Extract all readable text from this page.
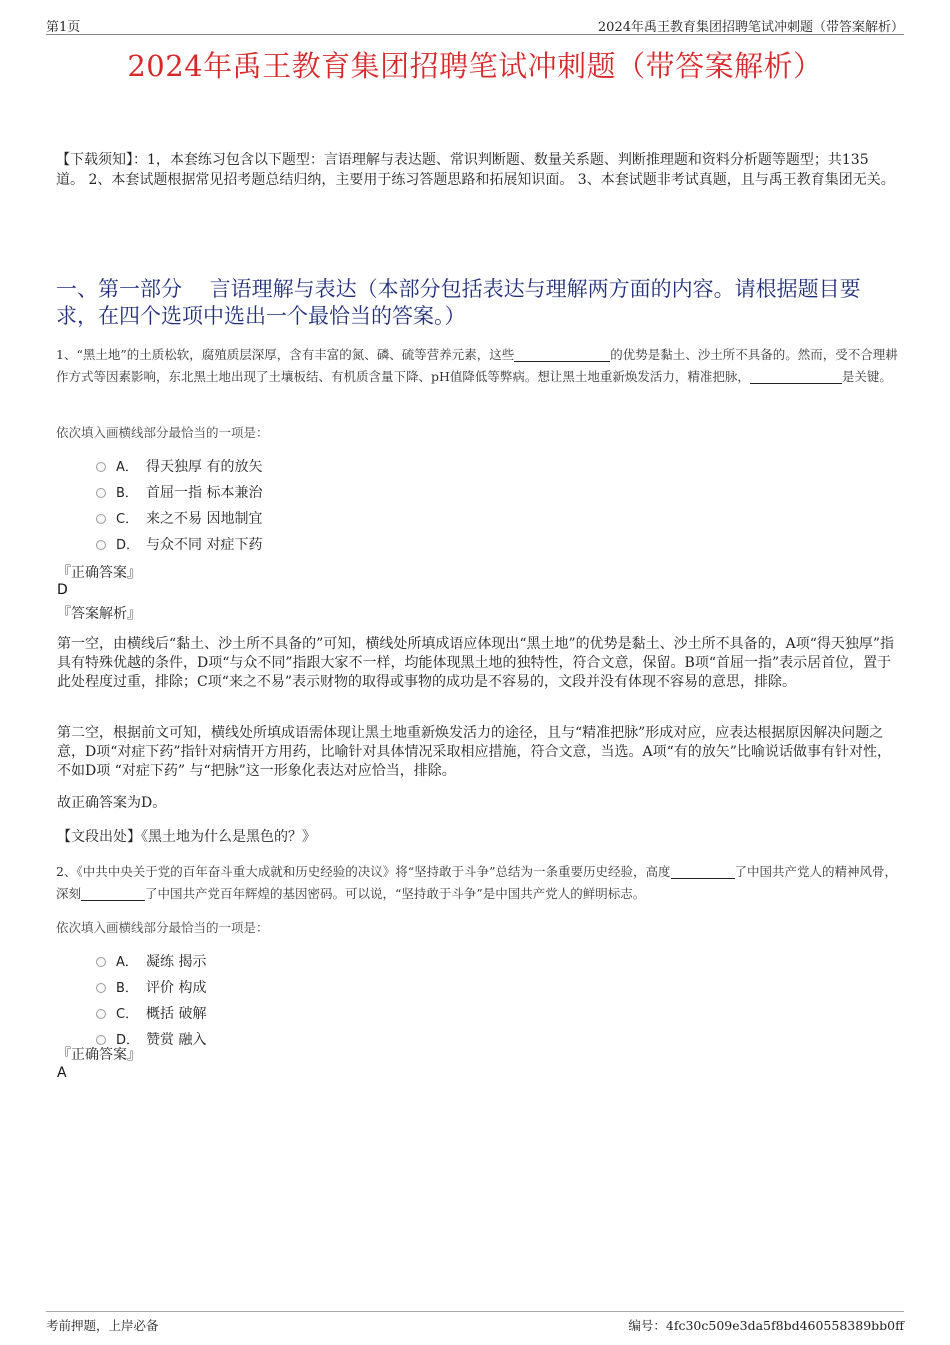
第1页	2024年禹王教育集团招聘笔试冲刺题（带答案解析）
2024年禹王教育集团招聘笔试冲刺题（带答案解析）
【下载须知】：1，本套练习包含以下题型：言语理解与表达题、常识判断题、数量关系题、判断推理题和资料分析题等题型；共135道。 2、本套试题根据常见招考题总结归纳，主要用于练习答题思路和拓展知识面。 3、本套试题非考试真题，且与禹王教育集团无关。
一、第一部分　 言语理解与表达（本部分包括表达与理解两方面的内容。请根据题目要求，在四个选项中选出一个最恰当的答案。）
1、“黑土地”的土质松软，腐殖质层深厚，含有丰富的氮、磷、硫等营养元素，这些	的优势是黏土、沙土所不具备的。然而，受不合理耕作方式等因素影响，东北黑土地出现了土壤板结、有机质含量下降、pH值降低等弊病。想让黑土地重新焕发活力，精准把脉，	是关键。
依次填入画横线部分最恰当的一项是：
A． 得天独厚 有的放矢
B． 首屈一指 标本兼治
C． 来之不易 因地制宜
D． 与众不同 对症下药
『正确答案』
D
『答案解析』
第一空，由横线后“黏土、沙土所不具备的”可知，横线处所填成语应体现出“黑土地”的优势是黏土、沙土所不具备的，A项“得天独厚”指具有特殊优越的条件，D项“与众不同”指跟大家不一样，均能体现黑土地的独特性，符合文意，保留。B项“首屈一指”表示居首位，置于此处程度过重，排除；C项“来之不易”表示财物的取得或事物的成功是不容易的，文段并没有体现不容易的意思，排除。
第二空，根据前文可知，横线处所填成语需体现让黑土地重新焕发活力的途径，且与“精准把脉”形成对应，应表达根据原因解决问题之意，D项“对症下药”指针对病情开方用药，比喻针对具体情况采取相应措施，符合文意，当选。A项“有的放矢”比喻说话做事有针对性，不如D项 “对症下药” 与“把脉”这一形象化表达对应恰当，排除。
故正确答案为D。
【文段出处】《黑土地为什么是黑色的？》
2、《中共中央关于党的百年奋斗重大成就和历史经验的决议》将“坚持敢于斗争”总结为一条重要历史经验，高度	了中国共产党人的精神风骨，深刻	了中国共产党百年辉煌的基因密码。可以说，“坚持敢于斗争”是中国共产党人的鲜明标志。
依次填入画横线部分最恰当的一项是：
A． 凝练 揭示
B． 评价 构成
C． 概括 破解
D． 赞赏 融入
『正确答案』
A
考前押题，上岸必备	编号：4fc30c509e3da5f8bd460558389bb0ff
